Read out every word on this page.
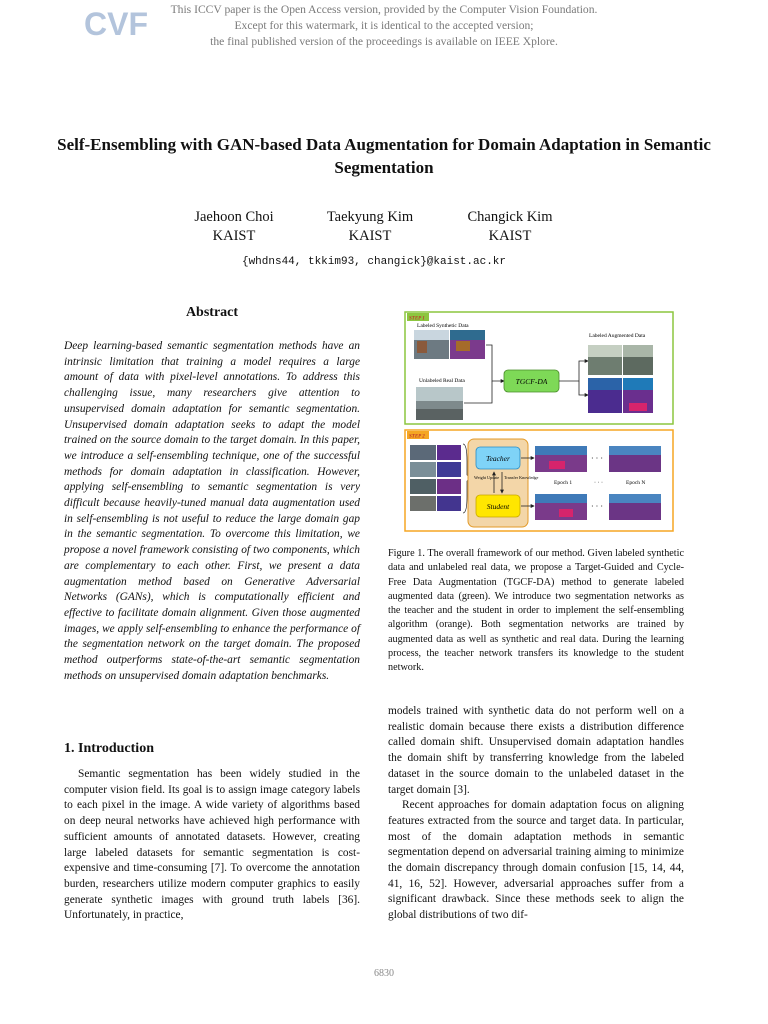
CVF	This ICCV paper is the Open Access version, provided by the Computer Vision Foundation.
Except for this watermark, it is identical to the accepted version;
the final published version of the proceedings is available on IEEE Xplore.
Self-Ensembling with GAN-based Data Augmentation for Domain Adaptation in Semantic Segmentation
Jaehoon Choi
KAIST
Taekyung Kim
KAIST
Changick Kim
KAIST
{whdns44, tkkim93, changick}@kaist.ac.kr
Abstract
Deep learning-based semantic segmentation methods have an intrinsic limitation that training a model requires a large amount of data with pixel-level annotations. To address this challenging issue, many researchers give attention to unsupervised domain adaptation for semantic segmentation. Unsupervised domain adaptation seeks to adapt the model trained on the source domain to the target domain. In this paper, we introduce a self-ensembling technique, one of the successful methods for domain adaptation in classification. However, applying self-ensembling to semantic segmentation is very difficult because heavily-tuned manual data augmentation used in self-ensembling is not useful to reduce the large domain gap in the semantic segmentation. To overcome this limitation, we propose a novel framework consisting of two components, which are complementary to each other. First, we present a data augmentation method based on Generative Adversarial Networks (GANs), which is computationally efficient and effective to facilitate domain alignment. Given those augmented images, we apply self-ensembling to enhance the performance of the segmentation network on the target domain. The proposed method outperforms state-of-the-art semantic segmentation methods on unsupervised domain adaptation benchmarks.
1. Introduction
Semantic segmentation has been widely studied in the computer vision field. Its goal is to assign image category labels to each pixel in the image. A wide variety of algorithms based on deep neural networks have achieved high performance with sufficient amounts of annotated datasets. However, creating large labeled datasets for semantic segmentation is cost-expensive and time-consuming [7]. To overcome the annotation burden, researchers utilize modern computer graphics to easily generate synthetic images with ground truth labels [36]. Unfortunately, in practice,
STEP 1
Labeled Synthetic Data
Unlabeled Real Data	TGCF-DA
Labeled Augmented Data
STEP 2
Teacher
Student
Weight Update Transfer Knowledge
· · ·
Epoch 1	· · ·	Epoch N
· · ·
Figure 1. The overall framework of our method. Given labeled synthetic data and unlabeled real data, we propose a Target-Guided and Cycle-Free Data Augmentation (TGCF-DA) method to generate labeled augmented data (green). We introduce two segmentation networks as the teacher and the student in order to implement the self-ensembling algorithm (orange). Both segmentation networks are trained by augmented data as well as synthetic and real data. During the learning process, the teacher network transfers its knowledge to the student network.

models trained with synthetic data do not perform well on a realistic domain because there exists a distribution difference called domain shift. Unsupervised domain adaptation handles the domain shift by transferring knowledge from the labeled dataset in the source domain to the unlabeled dataset in the target domain [3].

Recent approaches for domain adaptation focus on aligning features extracted from the source and target data. In particular, most of the domain adaptation methods in semantic segmentation depend on adversarial training aiming to minimize the domain discrepancy through domain confusion [15, 14, 44, 41, 16, 52]. However, adversarial approaches suffer from a significant drawback. Since these methods seek to align the global distributions of two dif-

6830
